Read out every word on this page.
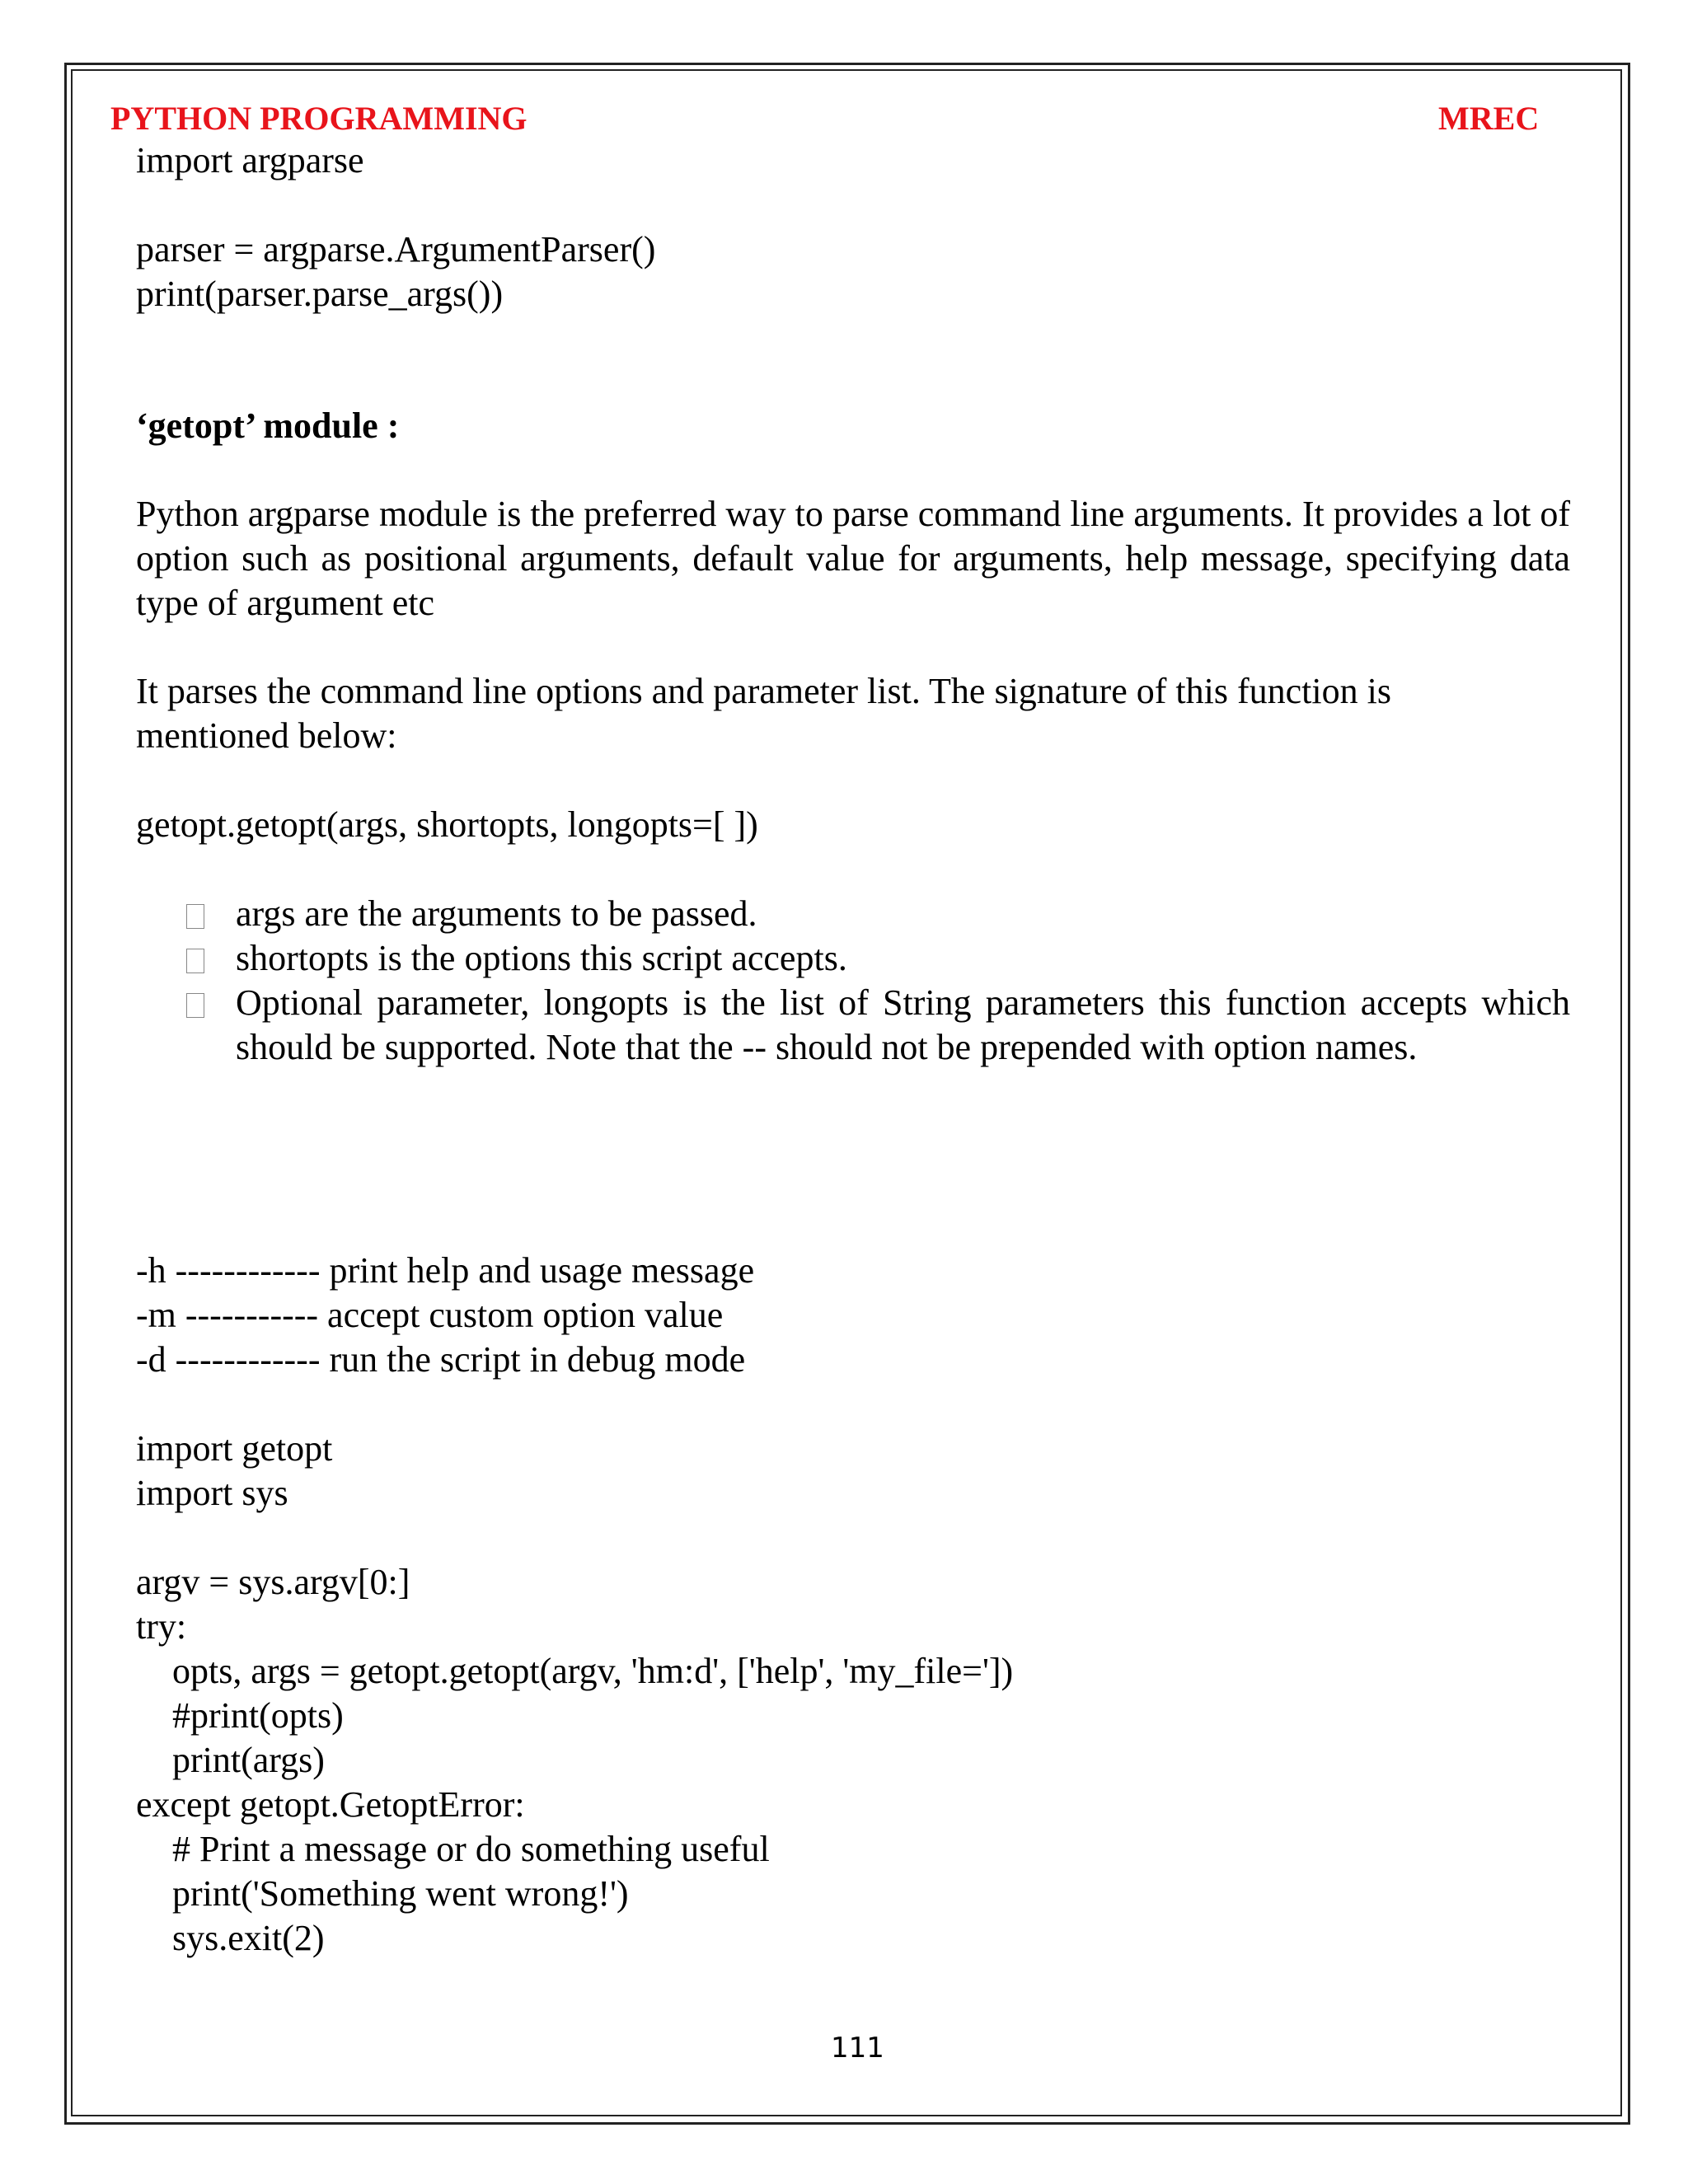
PYTHON PROGRAMMING	MREC
import argparse
parser = argparse.ArgumentParser()
print(parser.parse_args())
‘getopt’ module :
Python argparse module is the preferred way to parse command line arguments. It provides a lot of option such as positional arguments, default value for arguments, help message, specifying data type of argument etc
It parses the command line options and parameter list. The signature of this function is
mentioned below:
getopt.getopt(args, shortopts, longopts=[ ])
args are the arguments to be passed.
shortopts is the options this script accepts.
Optional parameter, longopts is the list of String parameters this function accepts which should be supported. Note that the -- should not be prepended with option names.
-h ------------ print help and usage message
-m ----------- accept custom option value
-d ------------ run the script in debug mode
import getopt
import sys
argv = sys.argv[0:]
try:
opts, args = getopt.getopt(argv, 'hm:d', ['help', 'my_file='])
#print(opts)
print(args)
except getopt.GetoptError:
# Print a message or do something useful
print('Something went wrong!')
sys.exit(2)
111
